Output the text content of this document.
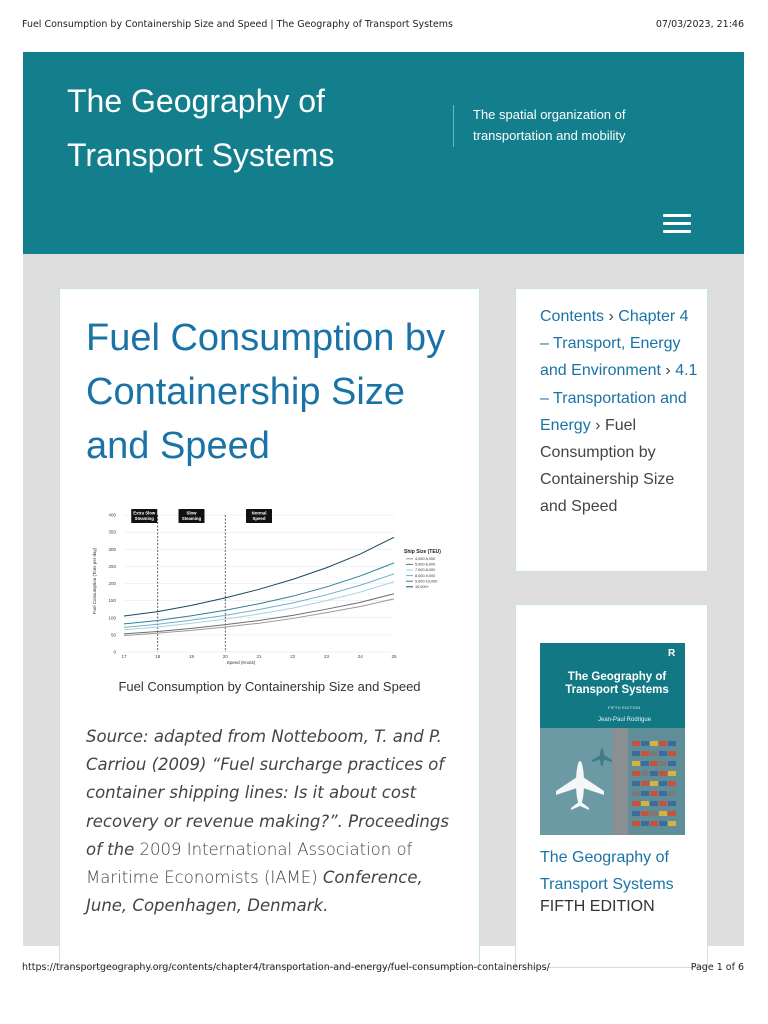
Fuel Consumption by Containership Size and Speed | The Geography of Transport Systems	07/03/2023, 21:46
The Geography of Transport Systems
The spatial organization of transportation and mobility
Fuel Consumption by Containership Size and Speed
0
50
100
150
200
250
300
350
400
17	18	19	20	21	22	23	24	25
Extra Slow
Steaming
Slow
Steaming
Normal
Speed
Ship Size (TEU)
4,000-5,000
5,000-6,000
7,000-8,000
8,000-9,000
9,000-10,000
10,000+
Speed (Knots)
Fuel Consumption (Tons per day)
Fuel Consumption by Containership Size and Speed
Source: adapted from Notteboom, T. and P. Carriou (2009) “Fuel surcharge practices of container shipping lines: Is it about cost recovery or revenue making?”. Proceedings of the 2009 International Association of Maritime Economists (IAME) Conference, June, Copenhagen, Denmark.
Contents › Chapter 4 – Transport, Energy and Environment › 4.1 – Transportation and Energy › Fuel Consumption by Containership Size and Speed
R
The Geography of Transport Systems
FIFTH EDITION
Jean-Paul Rodrigue
The Geography of Transport Systems
FIFTH EDITION
https://transportgeography.org/contents/chapter4/transportation-and-energy/fuel-consumption-containerships/	Page 1 of 6
